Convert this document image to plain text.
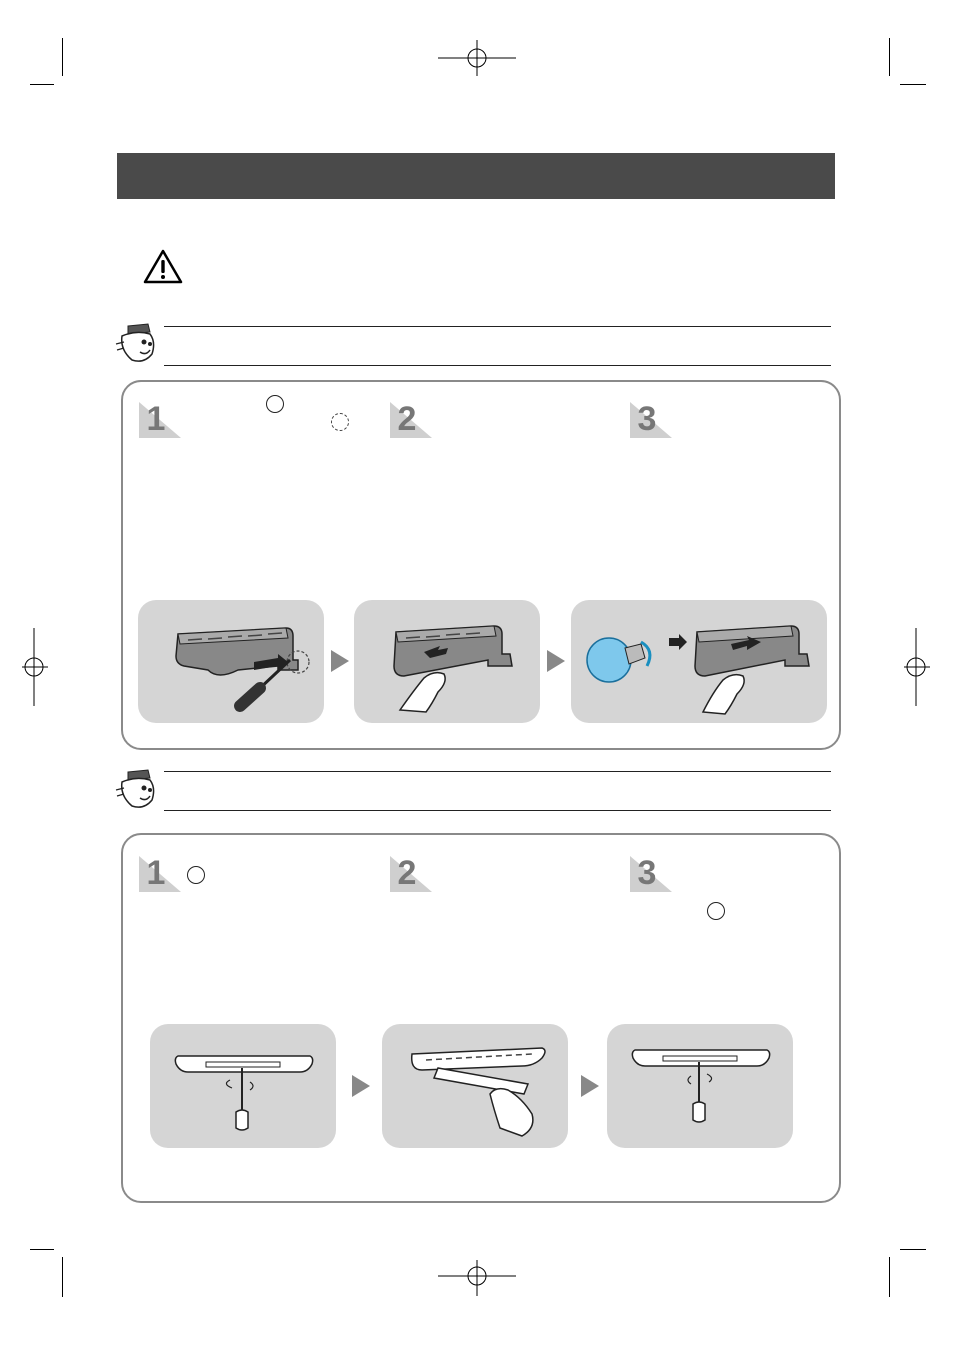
1	2	3
1	2	3
